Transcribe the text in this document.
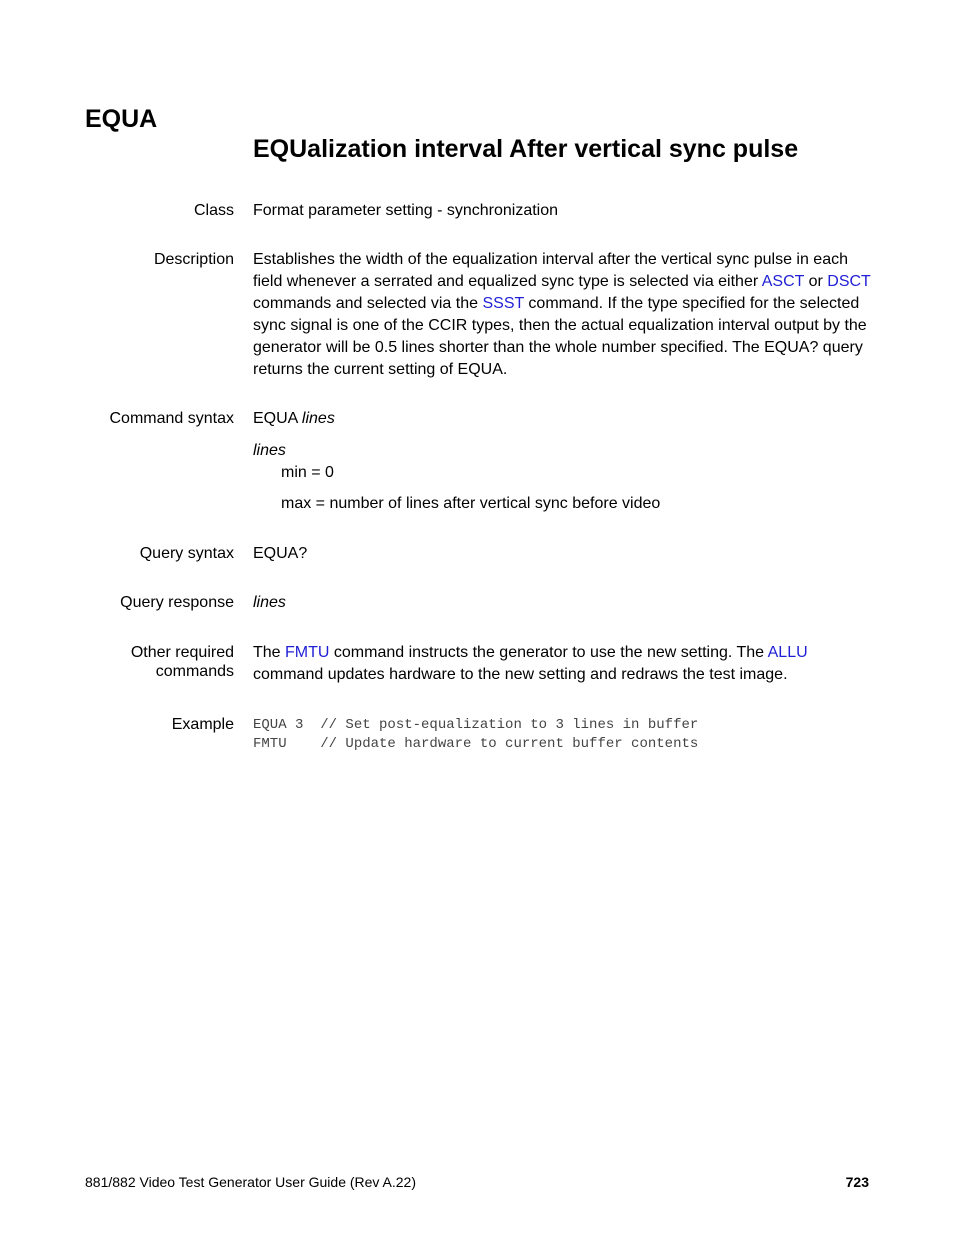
EQUA
EQUalization interval After vertical sync pulse
Class Format parameter setting - synchronization
Description Establishes the width of the equalization interval after the vertical sync pulse in each field whenever a serrated and equalized sync type is selected via either ASCT or DSCT commands and selected via the SSST command. If the type specified for the selected sync signal is one of the CCIR types, then the actual equalization interval output by the generator will be 0.5 lines shorter than the whole number specified. The EQUA? query returns the current setting of EQUA.
Command syntax EQUA lines
lines
min = 0
max = number of lines after vertical sync before video
Query syntax EQUA?
Query response lines
Other required
commands
The FMTU command instructs the generator to use the new setting. The ALLU command updates hardware to the new setting and redraws the test image.
Example EQUA 3  // Set post-equalization to 3 lines in buffer
FMTU    // Update hardware to current buffer contents
881/882 Video Test Generator User Guide (Rev A.22)	723
